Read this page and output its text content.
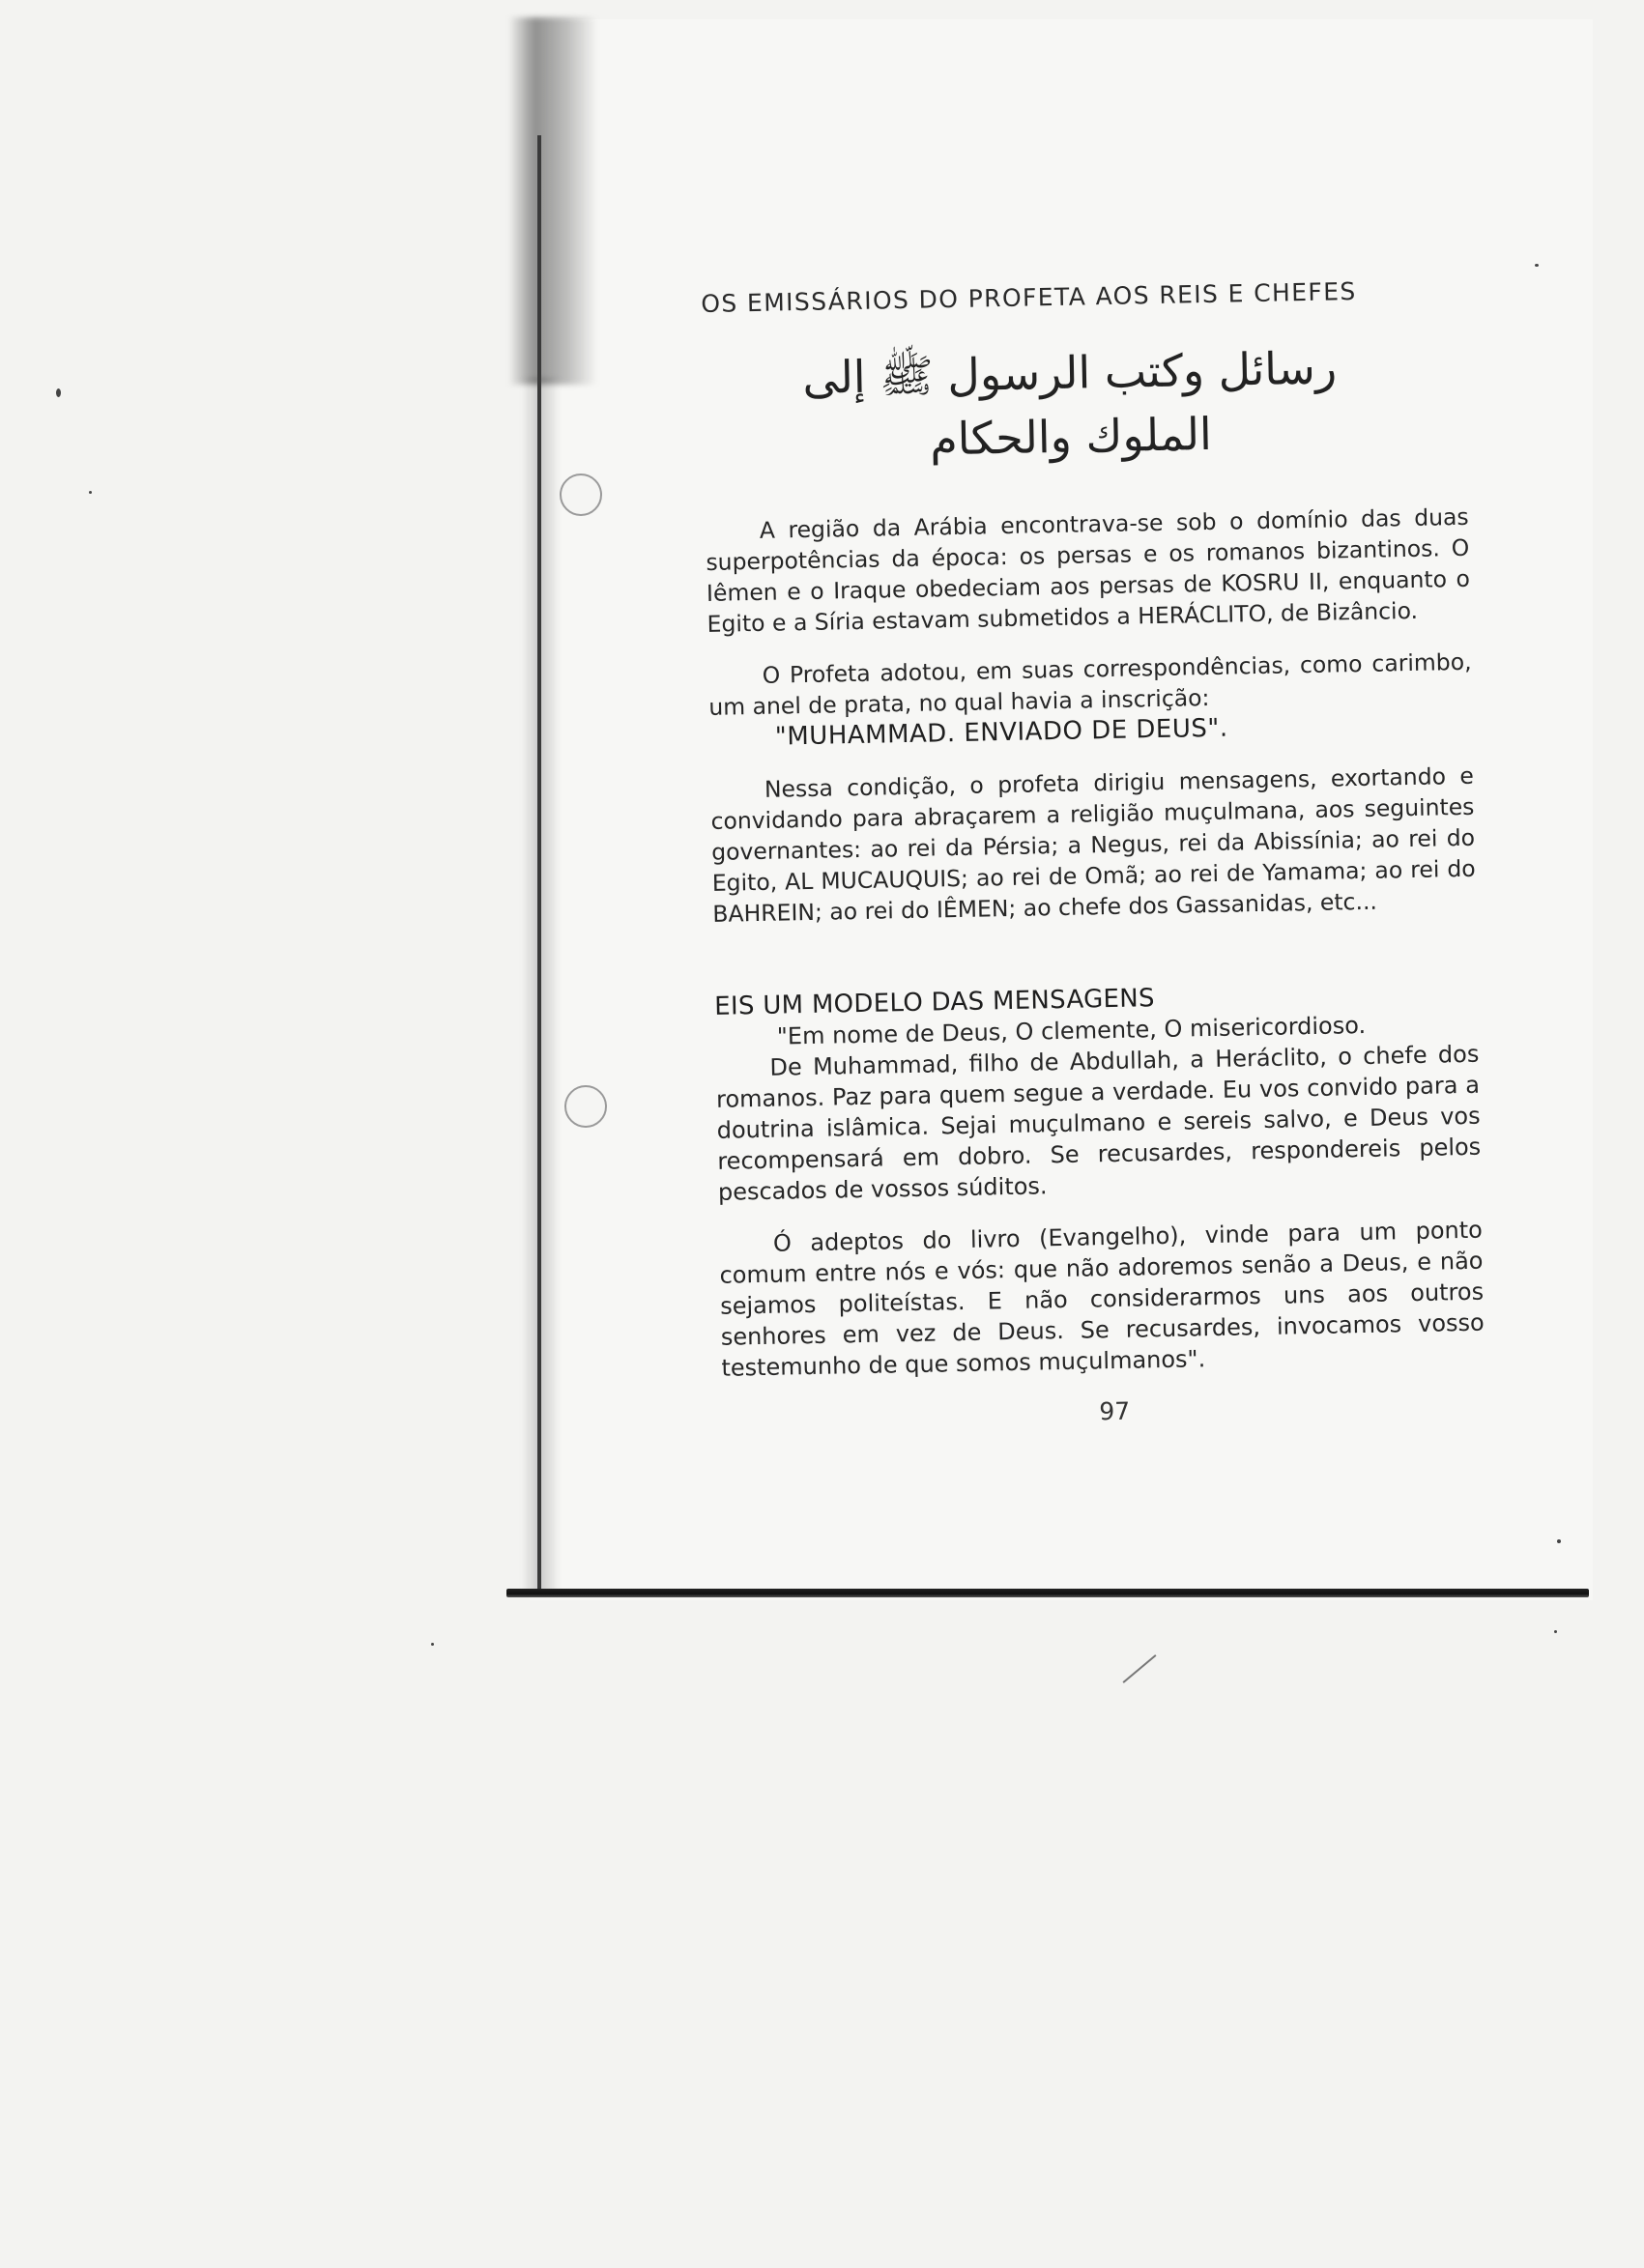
OS EMISSÁRIOS DO PROFETA AOS REIS E CHEFES
رسائل وكتب الرسول ﷺ إلى الملوك والحكام

A região da Arábia encontrava-se sob o domínio das duas superpotências da época: os persas e os romanos bizantinos. O Iêmen e o Iraque obedeciam aos persas de KOSRU II, enquanto o Egito e a Síria estavam submetidos a HERÁCLITO, de Bizâncio.

O Profeta adotou, em suas correspondências, como carimbo, um anel de prata, no qual havia a inscrição:

"MUHAMMAD. ENVIADO DE DEUS".

Nessa condição, o profeta dirigiu mensagens, exortando e convidando para abraçarem a religião muçulmana, aos seguintes governantes: ao rei da Pérsia; a Negus, rei da Abissínia; ao rei do Egito, AL MUCAUQUIS; ao rei de Omã; ao rei de Yamama; ao rei do BAHREIN; ao rei do IÊMEN; ao chefe dos Gassanidas, etc...

EIS UM MODELO DAS MENSAGENS

"Em nome de Deus, O clemente, O misericordioso.

De Muhammad, filho de Abdullah, a Heráclito, o chefe dos romanos. Paz para quem segue a verdade. Eu vos convido para a doutrina islâmica. Sejai muçulmano e sereis salvo, e Deus vos recompensará em dobro. Se recusardes, respondereis pelos pescados de vossos súditos.

Ó adeptos do livro (Evangelho), vinde para um ponto comum entre nós e vós: que não adoremos senão a Deus, e não sejamos politeístas. E não considerarmos uns aos outros senhores em vez de Deus. Se recusardes, invocamos vosso testemunho de que somos muçulmanos".

97
